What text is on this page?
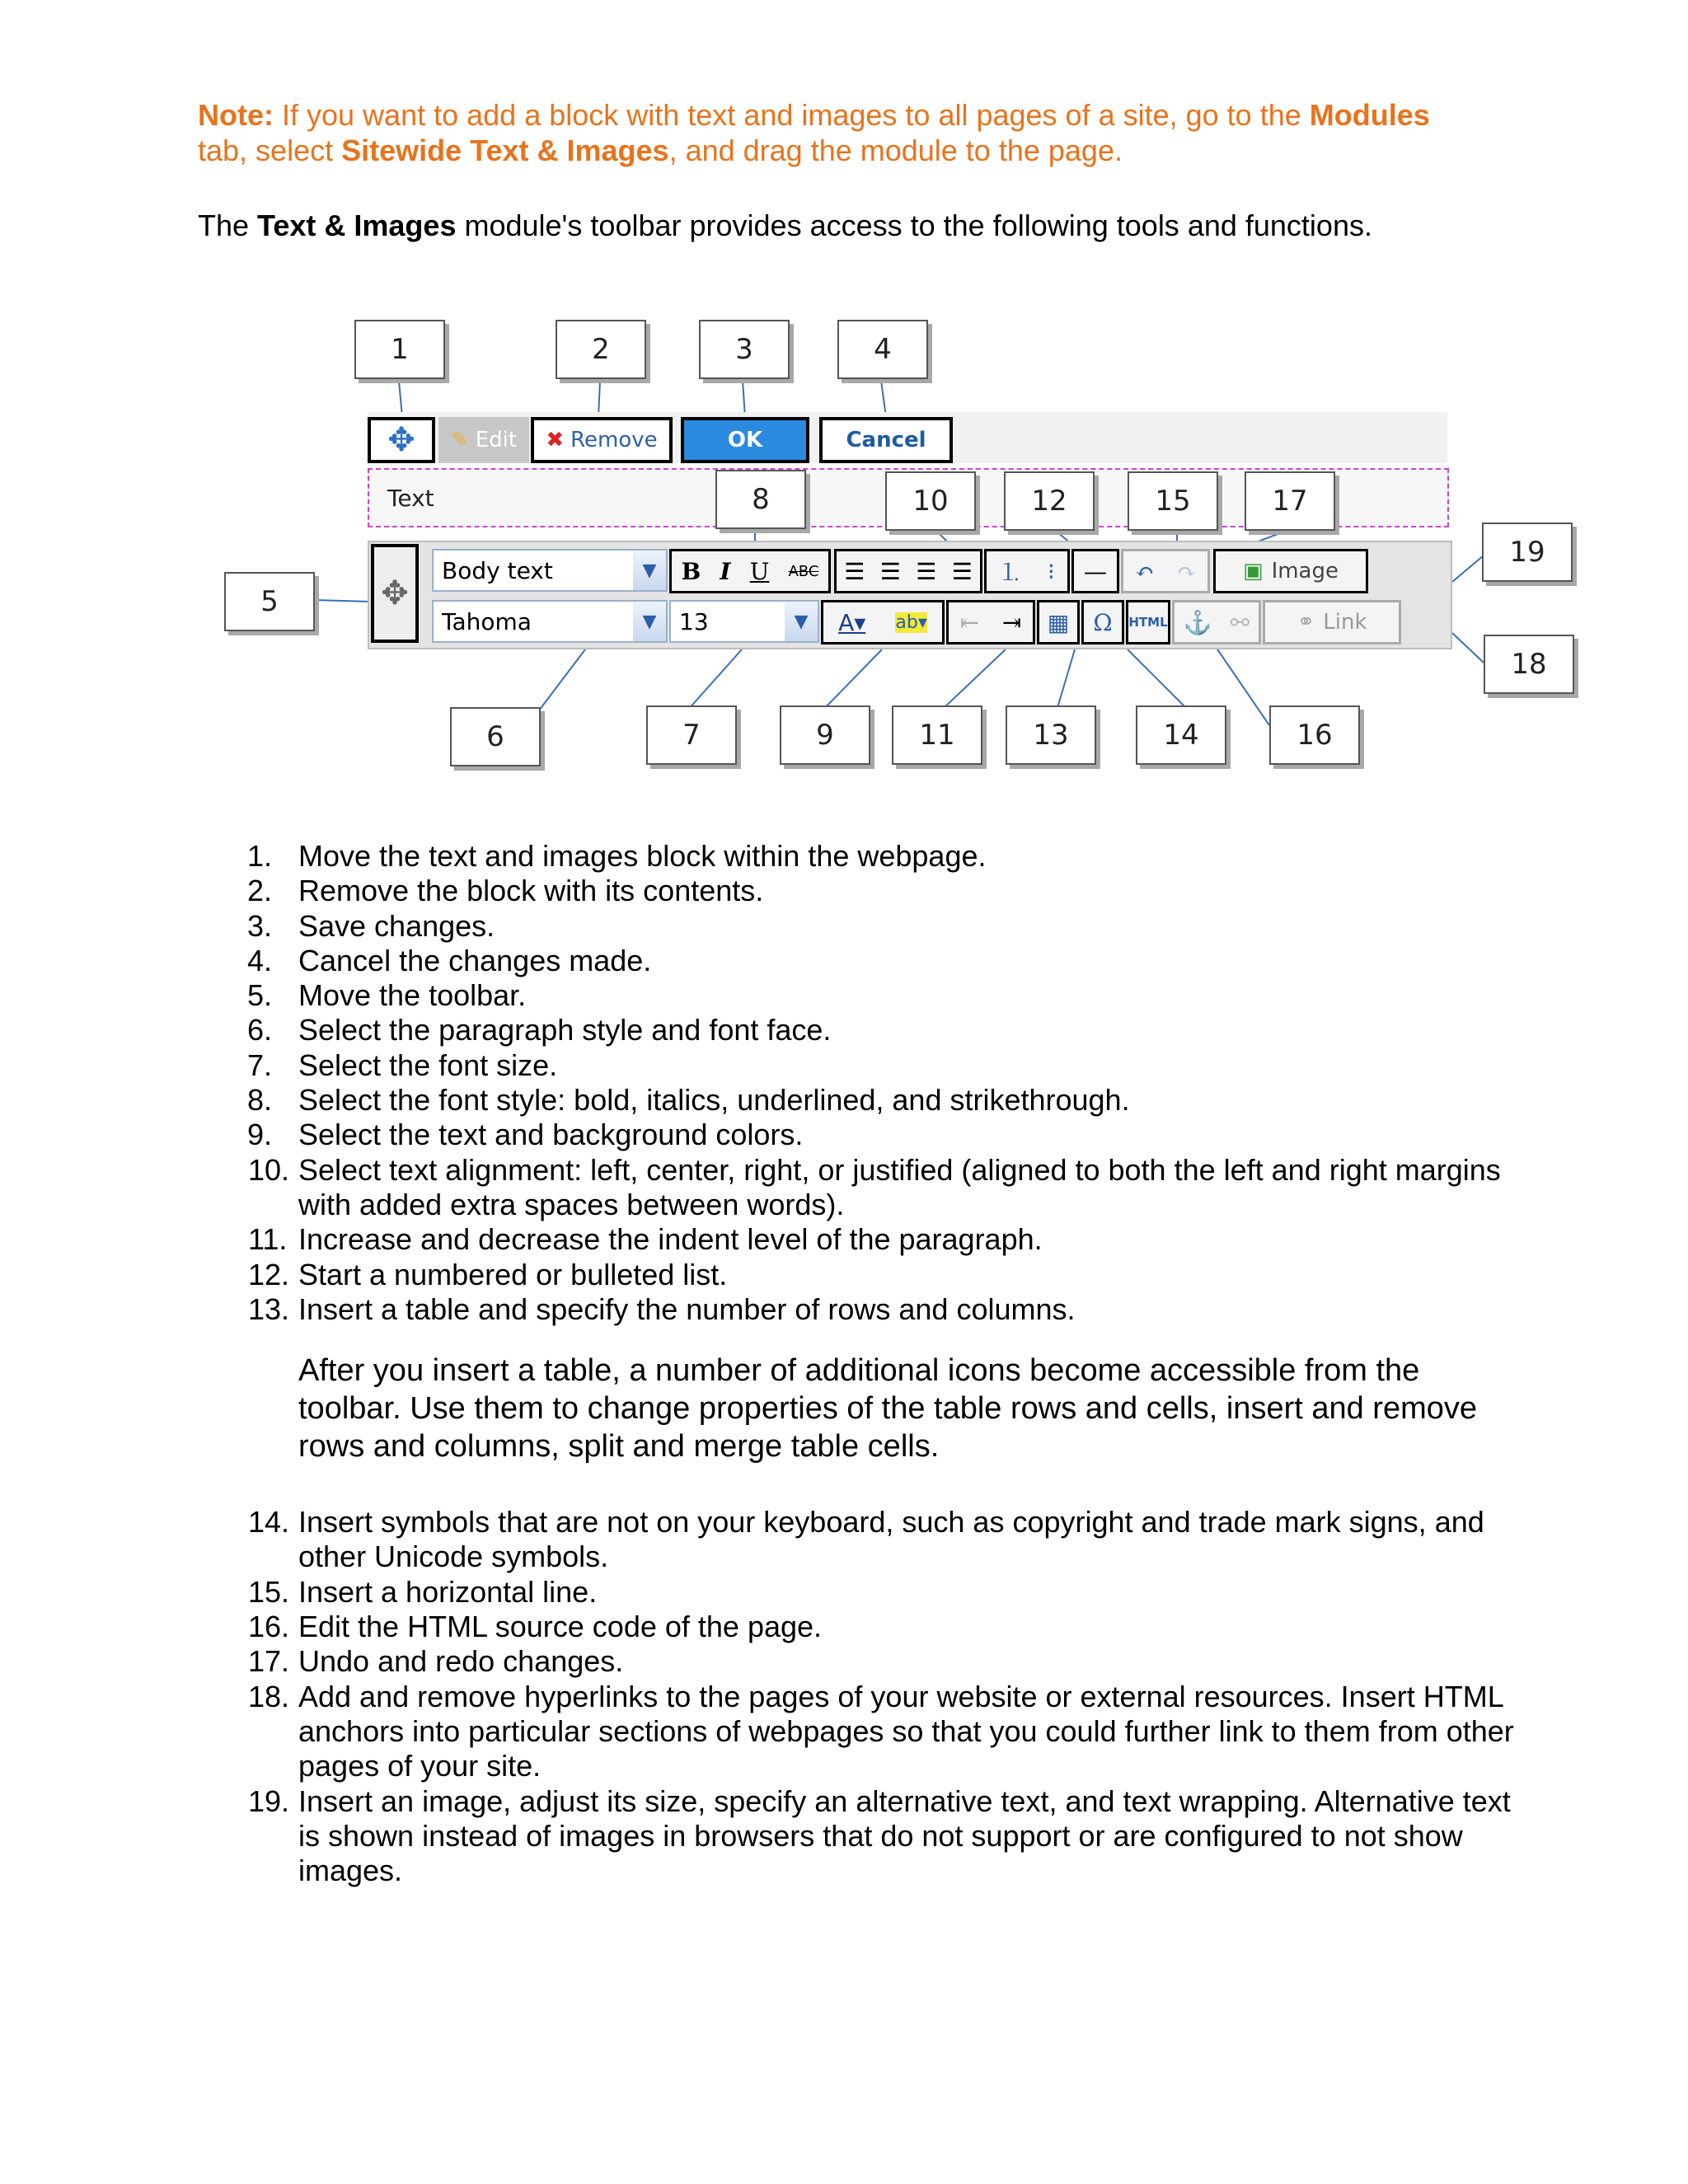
Note: If you want to add a block with text and images to all pages of a site, go to the Modules tab, select Sitewide Text & Images, and drag the module to the page.
The Text & Images module's toolbar provides access to the following tools and functions.
✥ ✎ Edit ✖ Remove	OK	Cancel
Text
✥
Body text	▼	B I U ABC ☰ ☰ ☰ ☰ ⒈ ⁝ — ↶ ↷ ▣ Image
Tahoma	▼ 13	▼	A▾ ab▾ ⇤ ⇥ ▦ Ω HTML ⚓ ⚯ ⚭ Link
1	2	3	4
5
6	7
8
9
10
11
12
13	14
15
16
17
18
19
1. Move the text and images block within the webpage.
2. Remove the block with its contents.
3. Save changes.
4. Cancel the changes made.
5. Move the toolbar.
6. Select the paragraph style and font face.
7. Select the font size.
8. Select the font style: bold, italics, underlined, and strikethrough.
9. Select the text and background colors.
10. Select text alignment: left, center, right, or justified (aligned to both the left and right margins with added extra spaces between words).
11. Increase and decrease the indent level of the paragraph.
12. Start a numbered or bulleted list.
13. Insert a table and specify the number of rows and columns.
After you insert a table, a number of additional icons become accessible from the toolbar. Use them to change properties of the table rows and cells, insert and remove rows and columns, split and merge table cells.
14. Insert symbols that are not on your keyboard, such as copyright and trade mark signs, and other Unicode symbols.
15. Insert a horizontal line.
16. Edit the HTML source code of the page.
17. Undo and redo changes.
18. Add and remove hyperlinks to the pages of your website or external resources. Insert HTML anchors into particular sections of webpages so that you could further link to them from other pages of your site.
19. Insert an image, adjust its size, specify an alternative text, and text wrapping. Alternative text is shown instead of images in browsers that do not support or are configured to not show images.
